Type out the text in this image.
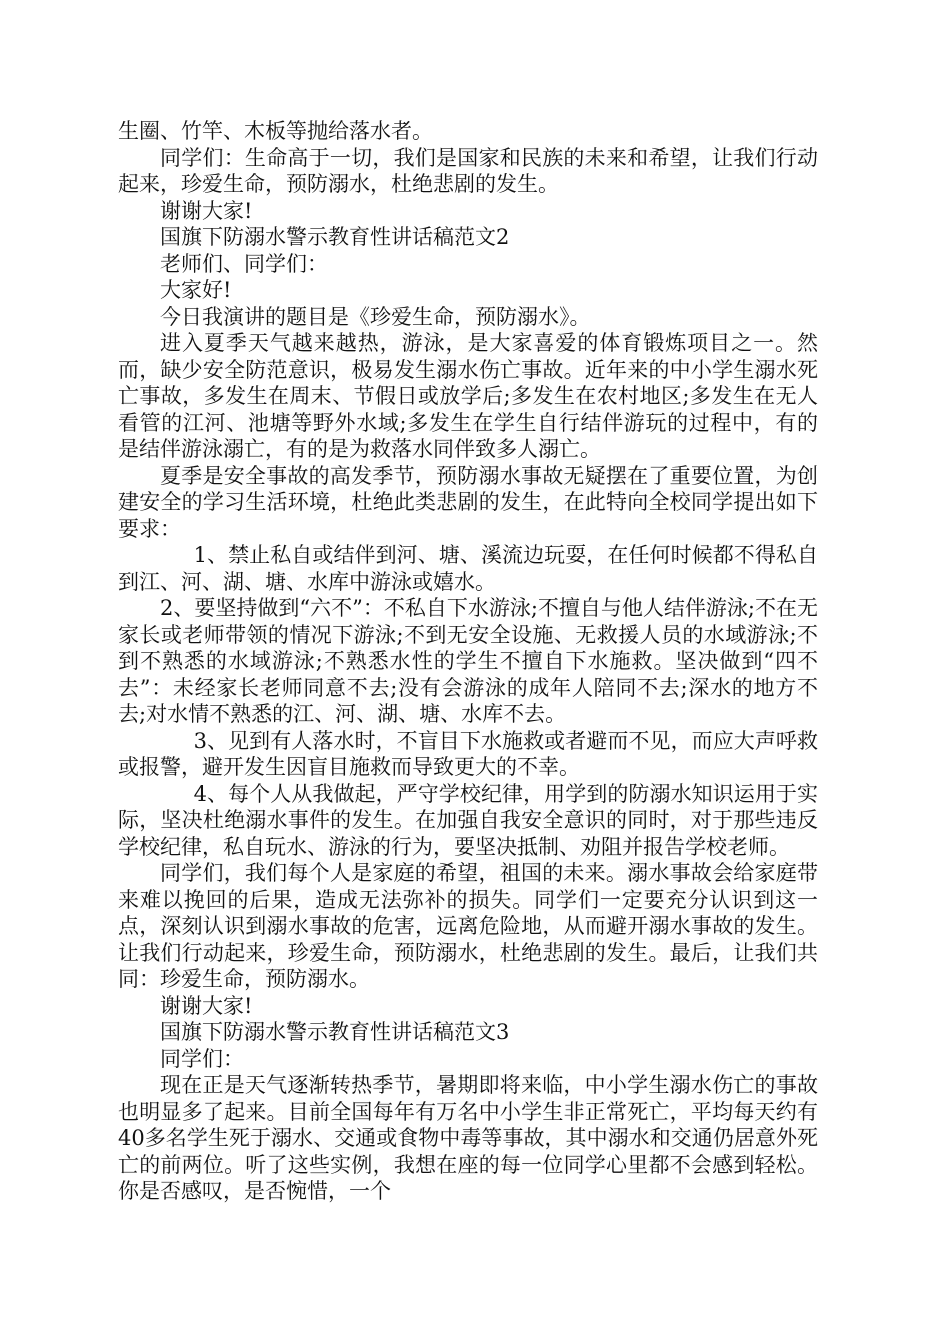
生圈、竹竿、木板等抛给落水者。

同学们：生命高于一切，我们是国家和民族的未来和希望，让我们行动起来，珍爱生命，预防溺水，杜绝悲剧的发生。

谢谢大家!

国旗下防溺水警示教育性讲话稿范文2

老师们、同学们：

大家好!

今日我演讲的题目是《珍爱生命，预防溺水》。

进入夏季天气越来越热，游泳，是大家喜爱的体育锻炼项目之一。然而，缺少安全防范意识，极易发生溺水伤亡事故。近年来的中小学生溺水死亡事故，多发生在周末、节假日或放学后;多发生在农村地区;多发生在无人看管的江河、池塘等野外水域;多发生在学生自行结伴游玩的过程中，有的是结伴游泳溺亡，有的是为救落水同伴致多人溺亡。

夏季是安全事故的高发季节，预防溺水事故无疑摆在了重要位置，为创建安全的学习生活环境，杜绝此类悲剧的发生，在此特向全校同学提出如下要求：

1、禁止私自或结伴到河、塘、溪流边玩耍，在任何时候都不得私自到江、河、湖、塘、水库中游泳或嬉水。

2、要坚持做到“六不”：不私自下水游泳;不擅自与他人结伴游泳;不在无家长或老师带领的情况下游泳;不到无安全设施、无救援人员的水域游泳;不到不熟悉的水域游泳;不熟悉水性的学生不擅自下水施救。坚决做到“四不去”：未经家长老师同意不去;没有会游泳的成年人陪同不去;深水的地方不去;对水情不熟悉的江、河、湖、塘、水库不去。

3、见到有人落水时，不盲目下水施救或者避而不见，而应大声呼救或报警，避开发生因盲目施救而导致更大的不幸。

4、每个人从我做起，严守学校纪律，用学到的防溺水知识运用于实际，坚决杜绝溺水事件的发生。在加强自我安全意识的同时，对于那些违反学校纪律，私自玩水、游泳的行为，要坚决抵制、劝阻并报告学校老师。

同学们，我们每个人是家庭的希望，祖国的未来。溺水事故会给家庭带来难以挽回的后果，造成无法弥补的损失。同学们一定要充分认识到这一点，深刻认识到溺水事故的危害，远离危险地，从而避开溺水事故的发生。让我们行动起来，珍爱生命，预防溺水，杜绝悲剧的发生。最后，让我们共同：珍爱生命，预防溺水。

谢谢大家!

国旗下防溺水警示教育性讲话稿范文3

同学们：

现在正是天气逐渐转热季节，暑期即将来临，中小学生溺水伤亡的事故也明显多了起来。目前全国每年有万名中小学生非正常死亡，平均每天约有40多名学生死于溺水、交通或食物中毒等事故，其中溺水和交通仍居意外死亡的前两位。听了这些实例，我想在座的每一位同学心里都不会感到轻松。你是否感叹，是否惋惜，一个
